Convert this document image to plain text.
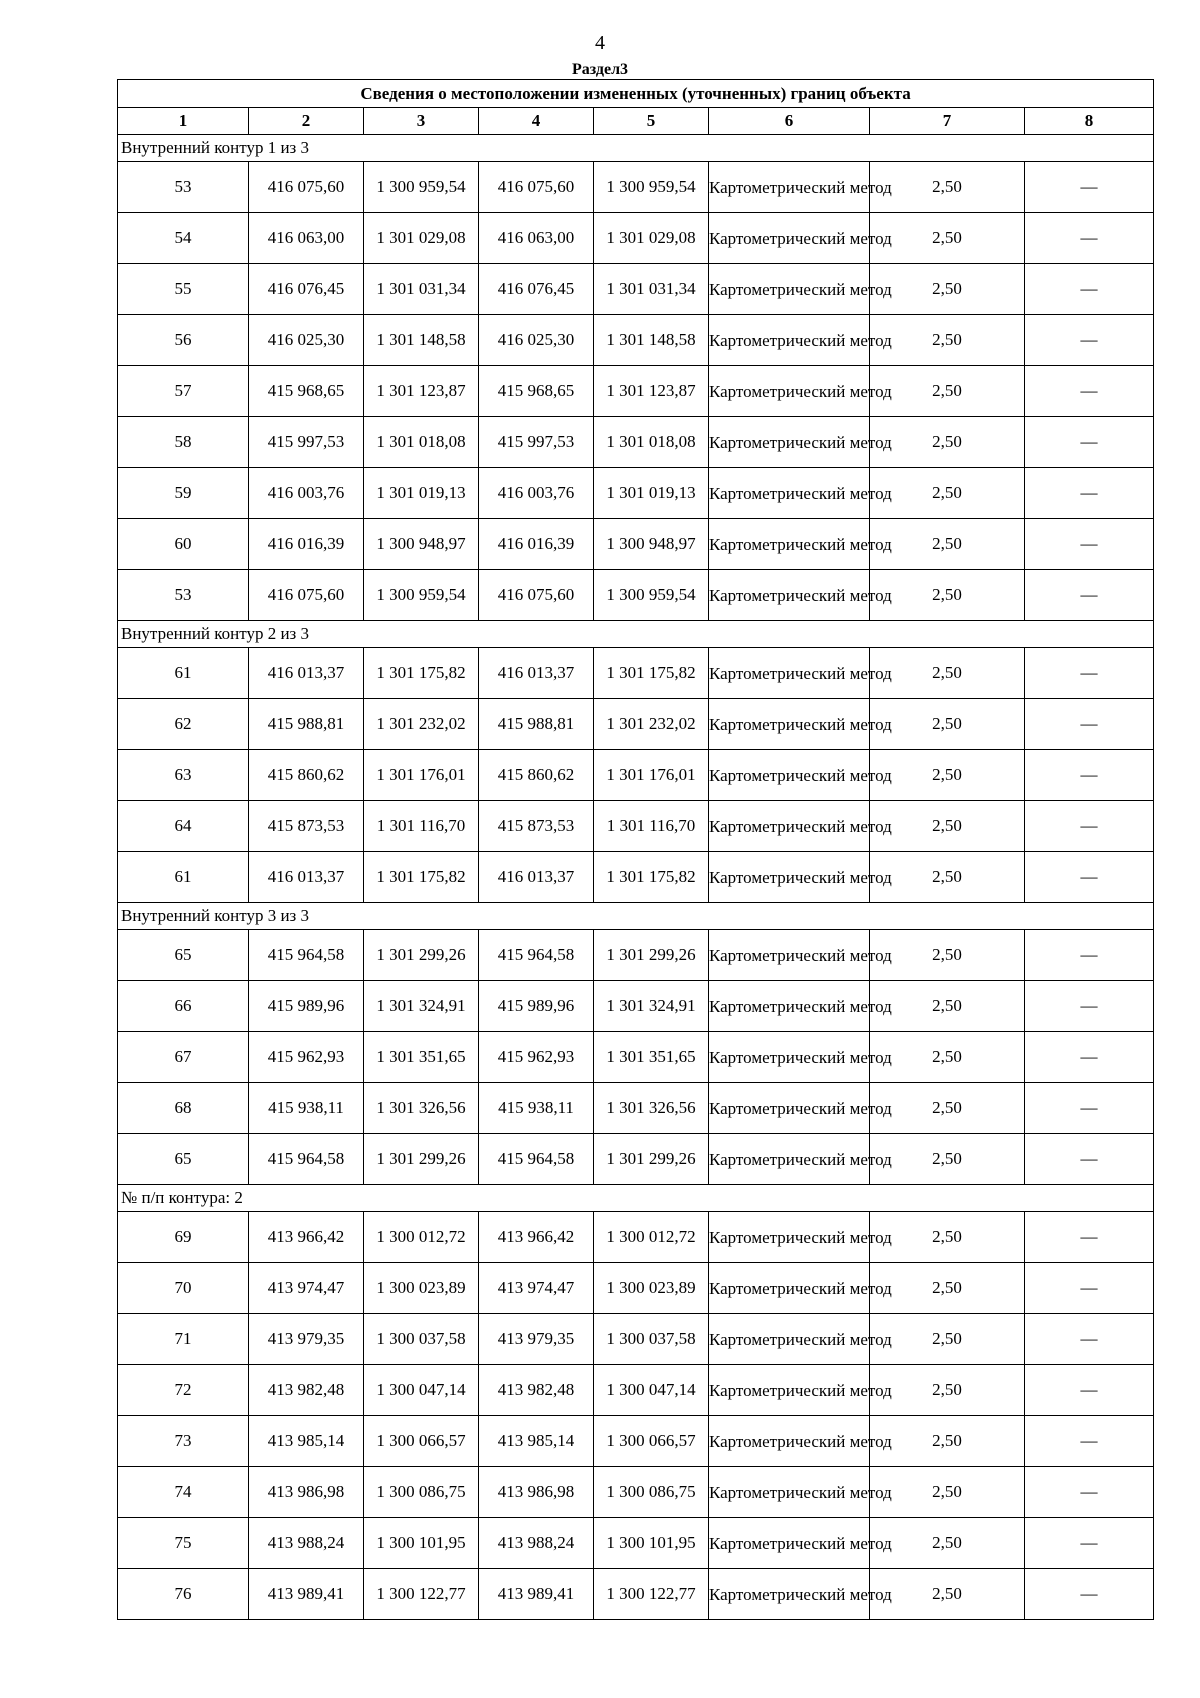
4
Раздел3
Сведения о местоположении измененных (уточненных) границ объекта							
1	2	3	4	5	6	7	8
Внутренний контур 1 из 3							
53	416 075,60	1 300 959,54	416 075,60	1 300 959,54	Картометрический метод	2,50	—
54	416 063,00	1 301 029,08	416 063,00	1 301 029,08	Картометрический метод	2,50	—
55	416 076,45	1 301 031,34	416 076,45	1 301 031,34	Картометрический метод	2,50	—
56	416 025,30	1 301 148,58	416 025,30	1 301 148,58	Картометрический метод	2,50	—
57	415 968,65	1 301 123,87	415 968,65	1 301 123,87	Картометрический метод	2,50	—
58	415 997,53	1 301 018,08	415 997,53	1 301 018,08	Картометрический метод	2,50	—
59	416 003,76	1 301 019,13	416 003,76	1 301 019,13	Картометрический метод	2,50	—
60	416 016,39	1 300 948,97	416 016,39	1 300 948,97	Картометрический метод	2,50	—
53	416 075,60	1 300 959,54	416 075,60	1 300 959,54	Картометрический метод	2,50	—
Внутренний контур 2 из 3							
61	416 013,37	1 301 175,82	416 013,37	1 301 175,82	Картометрический метод	2,50	—
62	415 988,81	1 301 232,02	415 988,81	1 301 232,02	Картометрический метод	2,50	—
63	415 860,62	1 301 176,01	415 860,62	1 301 176,01	Картометрический метод	2,50	—
64	415 873,53	1 301 116,70	415 873,53	1 301 116,70	Картометрический метод	2,50	—
61	416 013,37	1 301 175,82	416 013,37	1 301 175,82	Картометрический метод	2,50	—
Внутренний контур 3 из 3							
65	415 964,58	1 301 299,26	415 964,58	1 301 299,26	Картометрический метод	2,50	—
66	415 989,96	1 301 324,91	415 989,96	1 301 324,91	Картометрический метод	2,50	—
67	415 962,93	1 301 351,65	415 962,93	1 301 351,65	Картометрический метод	2,50	—
68	415 938,11	1 301 326,56	415 938,11	1 301 326,56	Картометрический метод	2,50	—
65	415 964,58	1 301 299,26	415 964,58	1 301 299,26	Картометрический метод	2,50	—
№ п/п контура: 2							
69	413 966,42	1 300 012,72	413 966,42	1 300 012,72	Картометрический метод	2,50	—
70	413 974,47	1 300 023,89	413 974,47	1 300 023,89	Картометрический метод	2,50	—
71	413 979,35	1 300 037,58	413 979,35	1 300 037,58	Картометрический метод	2,50	—
72	413 982,48	1 300 047,14	413 982,48	1 300 047,14	Картометрический метод	2,50	—
73	413 985,14	1 300 066,57	413 985,14	1 300 066,57	Картометрический метод	2,50	—
74	413 986,98	1 300 086,75	413 986,98	1 300 086,75	Картометрический метод	2,50	—
75	413 988,24	1 300 101,95	413 988,24	1 300 101,95	Картометрический метод	2,50	—
76	413 989,41	1 300 122,77	413 989,41	1 300 122,77	Картометрический метод	2,50	—
